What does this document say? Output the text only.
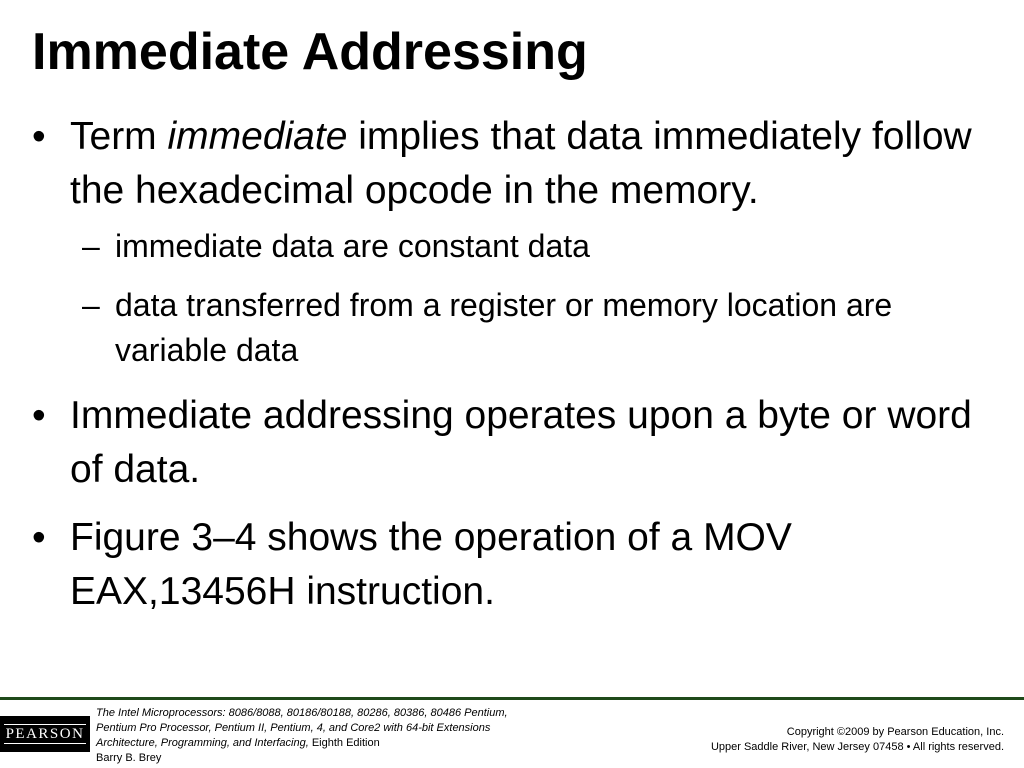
Immediate Addressing
• Term immediate implies that data immediately follow the hexadecimal opcode in the memory.
– immediate data are constant data
– data transferred from a register or memory location are variable data
• Immediate addressing operates upon a byte or word of data.
• Figure 3–4 shows the operation of a MOV EAX,13456H instruction.
PEARSON
The Intel Microprocessors: 8086/8088, 80186/80188, 80286, 80386, 80486 Pentium,
Pentium Pro Processor, Pentium II, Pentium, 4, and Core2 with 64-bit Extensions
Architecture, Programming, and Interfacing, Eighth Edition
Barry B. Brey
Copyright ©2009 by Pearson Education, Inc.
Upper Saddle River, New Jersey 07458 • All rights reserved.
